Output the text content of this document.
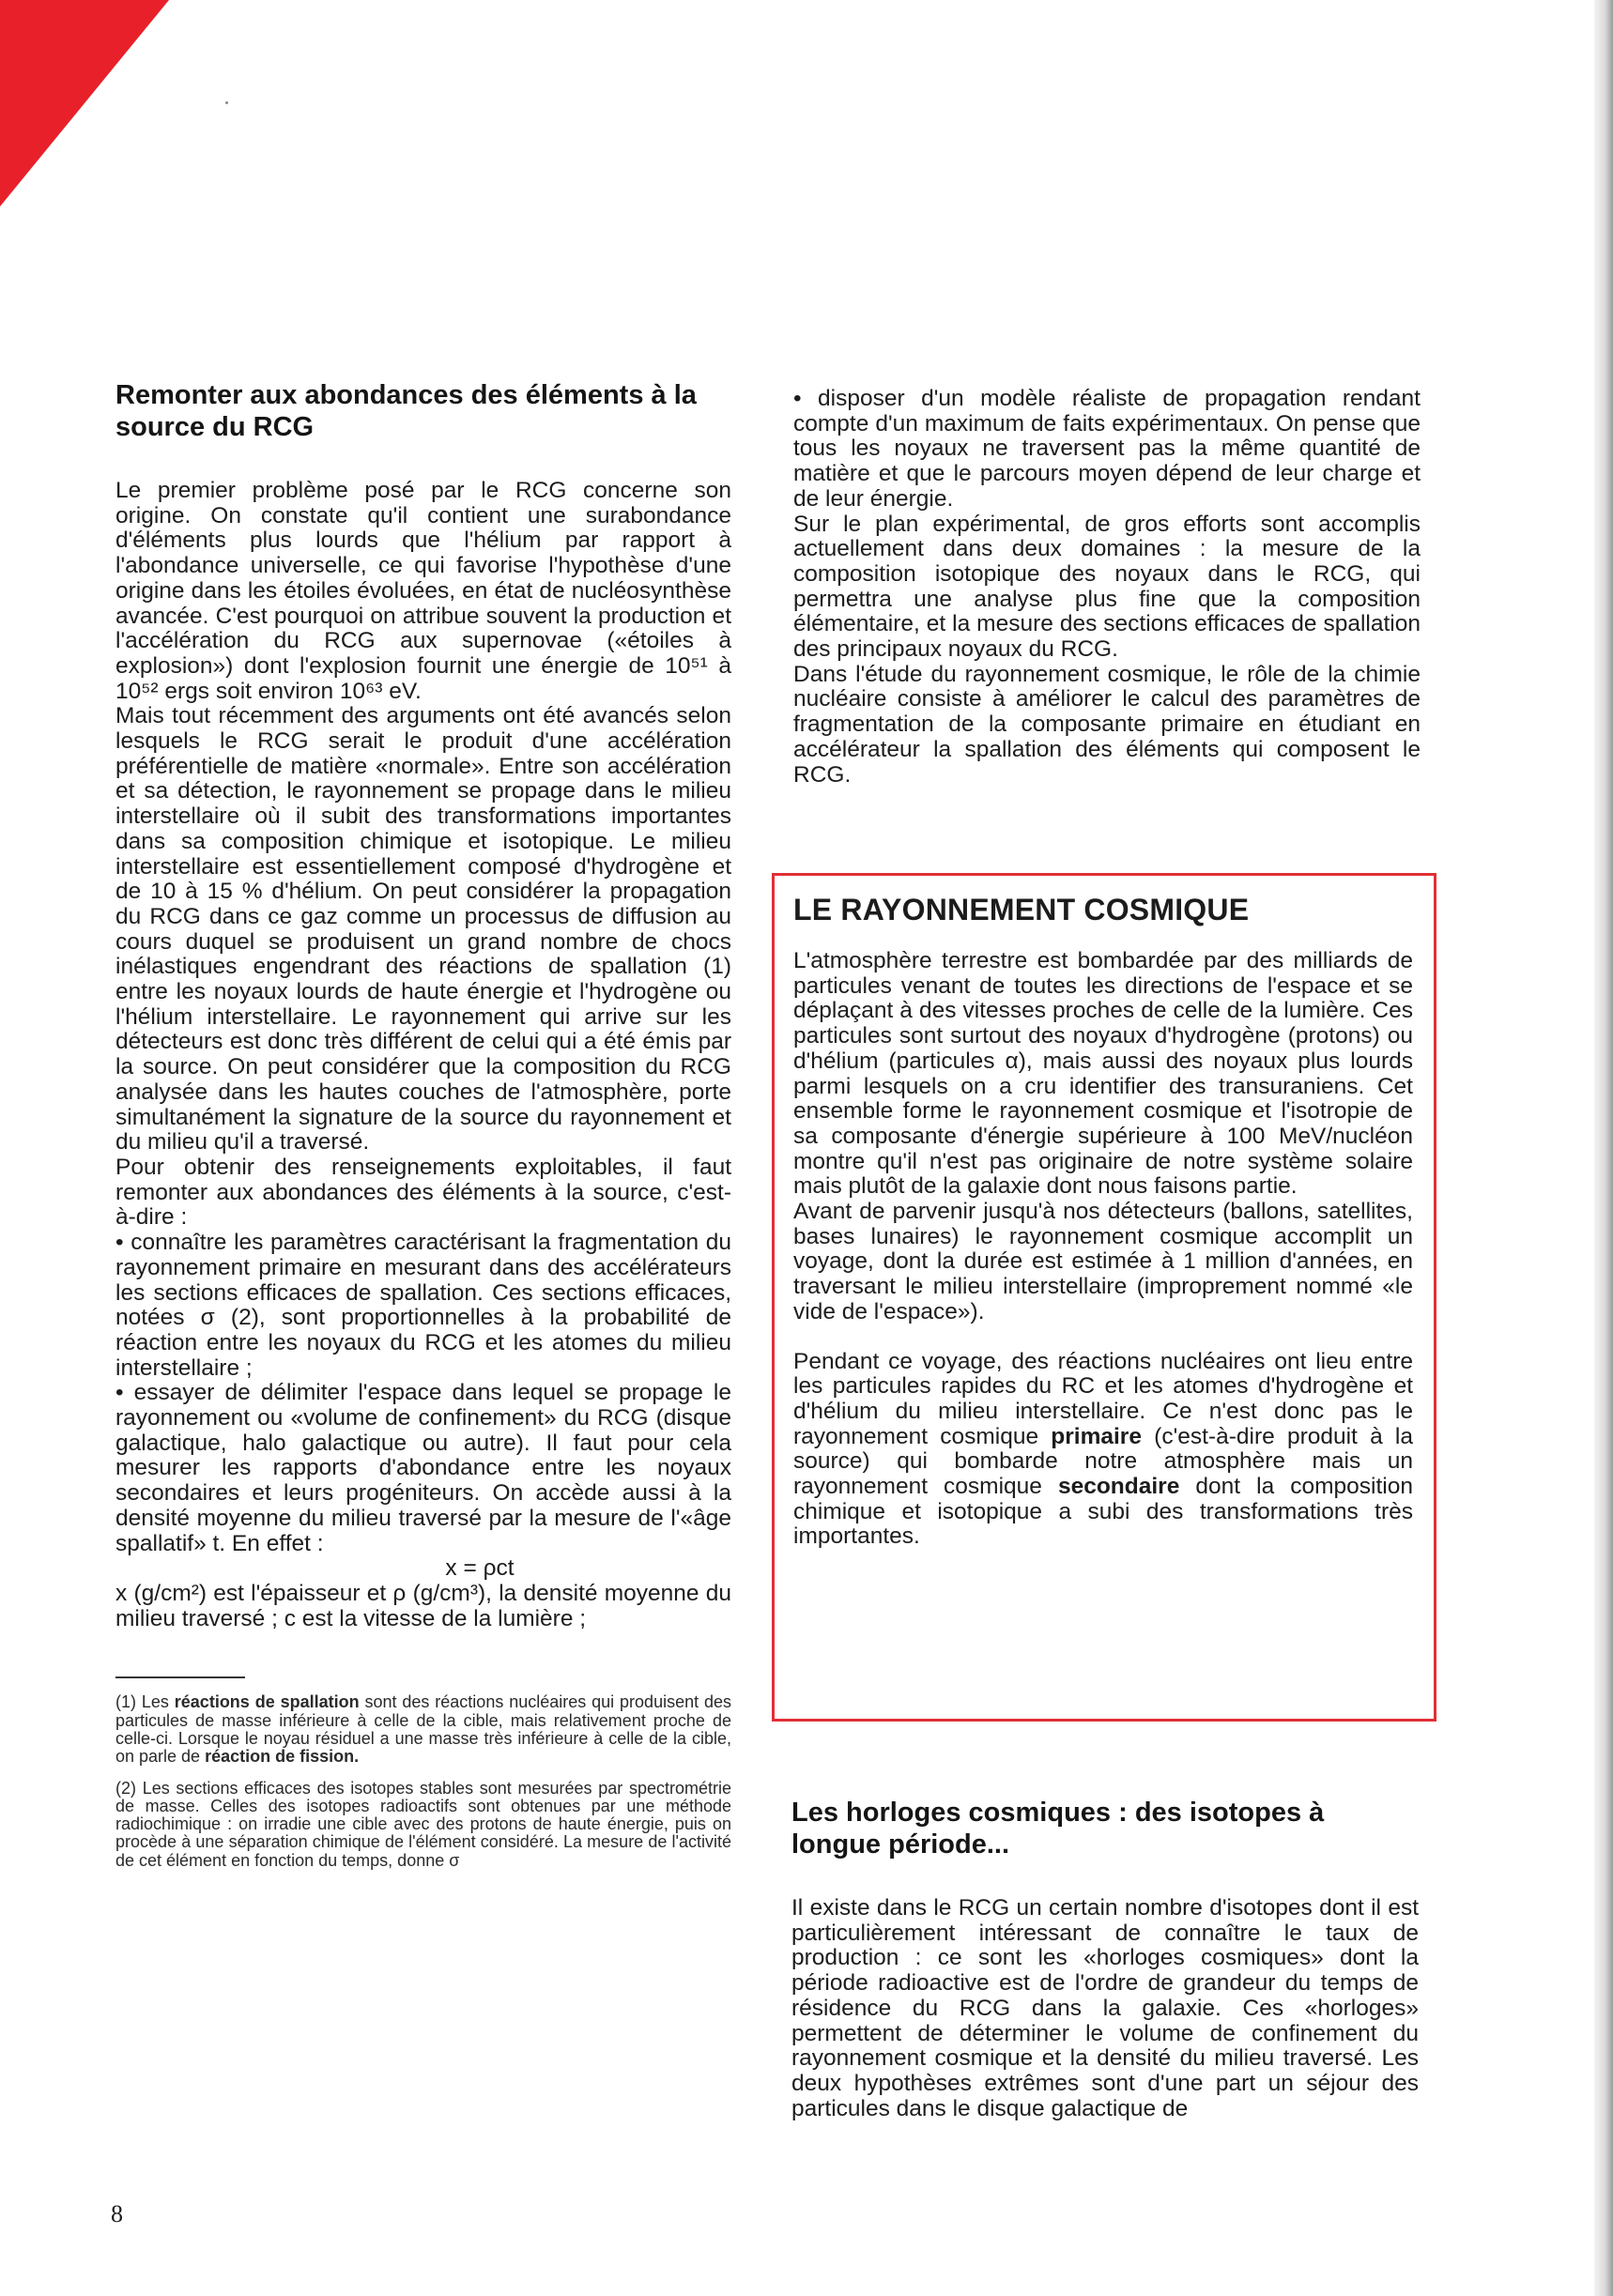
Remonter aux abondances des éléments à la source du RCG

Le premier problème posé par le RCG concerne son origine. On constate qu'il contient une surabondance d'éléments plus lourds que l'hélium par rapport à l'abondance universelle, ce qui favorise l'hypothèse d'une origine dans les étoiles évoluées, en état de nucléosynthèse avancée. C'est pourquoi on attribue souvent la production et l'accélération du RCG aux supernovae («étoiles à explosion») dont l'explosion fournit une énergie de 10⁵¹ à 10⁵² ergs soit environ 10⁶³ eV.

Mais tout récemment des arguments ont été avancés selon lesquels le RCG serait le produit d'une accélération préférentielle de matière «normale». Entre son accélération et sa détection, le rayonnement se propage dans le milieu interstellaire où il subit des transformations importantes dans sa composition chimique et isotopique. Le milieu interstellaire est essentiellement composé d'hydrogène et de 10 à 15 % d'hélium. On peut considérer la propagation du RCG dans ce gaz comme un processus de diffusion au cours duquel se produisent un grand nombre de chocs inélastiques engendrant des réactions de spallation (1) entre les noyaux lourds de haute énergie et l'hydrogène ou l'hélium interstellaire. Le rayonnement qui arrive sur les détecteurs est donc très différent de celui qui a été émis par la source. On peut considérer que la composition du RCG analysée dans les hautes couches de l'atmosphère, porte simultanément la signature de la source du rayonnement et du milieu qu'il a traversé.

Pour obtenir des renseignements exploitables, il faut remonter aux abondances des éléments à la source, c'est-à-dire :

• connaître les paramètres caractérisant la fragmentation du rayonnement primaire en mesurant dans des accélérateurs les sections efficaces de spallation. Ces sections efficaces, notées σ (2), sont proportionnelles à la probabilité de réaction entre les noyaux du RCG et les atomes du milieu interstellaire ;

• essayer de délimiter l'espace dans lequel se propage le rayonnement ou «volume de confinement» du RCG (disque galactique, halo galactique ou autre). Il faut pour cela mesurer les rapports d'abondance entre les noyaux secondaires et leurs progéniteurs. On accède aussi à la densité moyenne du milieu traversé par la mesure de l'«âge spallatif» t. En effet :

x = ρct

x (g/cm²) est l'épaisseur et ρ (g/cm³), la densité moyenne du milieu traversé ; c est la vitesse de la lumière ;

(1) Les réactions de spallation sont des réactions nucléaires qui produisent des particules de masse inférieure à celle de la cible, mais relativement proche de celle-ci. Lorsque le noyau résiduel a une masse très inférieure à celle de la cible, on parle de réaction de fission.

(2) Les sections efficaces des isotopes stables sont mesurées par spectrométrie de masse. Celles des isotopes radioactifs sont obtenues par une méthode radiochimique : on irradie une cible avec des protons de haute énergie, puis on procède à une séparation chimique de l'élément considéré. La mesure de l'activité de cet élément en fonction du temps, donne σ

• disposer d'un modèle réaliste de propagation rendant compte d'un maximum de faits expérimentaux. On pense que tous les noyaux ne traversent pas la même quantité de matière et que le parcours moyen dépend de leur charge et de leur énergie.

Sur le plan expérimental, de gros efforts sont accomplis actuellement dans deux domaines : la mesure de la composition isotopique des noyaux dans le RCG, qui permettra une analyse plus fine que la composition élémentaire, et la mesure des sections efficaces de spallation des principaux noyaux du RCG.

Dans l'étude du rayonnement cosmique, le rôle de la chimie nucléaire consiste à améliorer le calcul des paramètres de fragmentation de la composante primaire en étudiant en accélérateur la spallation des éléments qui composent le RCG.

LE RAYONNEMENT COSMIQUE

L'atmosphère terrestre est bombardée par des milliards de particules venant de toutes les directions de l'espace et se déplaçant à des vitesses proches de celle de la lumière. Ces particules sont surtout des noyaux d'hydrogène (protons) ou d'hélium (particules α), mais aussi des noyaux plus lourds parmi lesquels on a cru identifier des transuraniens. Cet ensemble forme le rayonnement cosmique et l'isotropie de sa composante d'énergie supérieure à 100 MeV/nucléon montre qu'il n'est pas originaire de notre système solaire mais plutôt de la galaxie dont nous faisons partie.

Avant de parvenir jusqu'à nos détecteurs (ballons, satellites, bases lunaires) le rayonnement cosmique accomplit un voyage, dont la durée est estimée à 1 million d'années, en traversant le milieu interstellaire (improprement nommé «le vide de l'espace»).

Pendant ce voyage, des réactions nucléaires ont lieu entre les particules rapides du RC et les atomes d'hydrogène et d'hélium du milieu interstellaire. Ce n'est donc pas le rayonnement cosmique primaire (c'est-à-dire produit à la source) qui bombarde notre atmosphère mais un rayonnement cosmique secondaire dont la composition chimique et isotopique a subi des transformations très importantes.

Les horloges cosmiques : des isotopes à longue période...

Il existe dans le RCG un certain nombre d'isotopes dont il est particulièrement intéressant de connaître le taux de production : ce sont les «horloges cosmiques» dont la période radioactive est de l'ordre de grandeur du temps de résidence du RCG dans la galaxie. Ces «horloges» permettent de déterminer le volume de confinement du rayonnement cosmique et la densité du milieu traversé. Les deux hypothèses extrêmes sont d'une part un séjour des particules dans le disque galactique de

8
